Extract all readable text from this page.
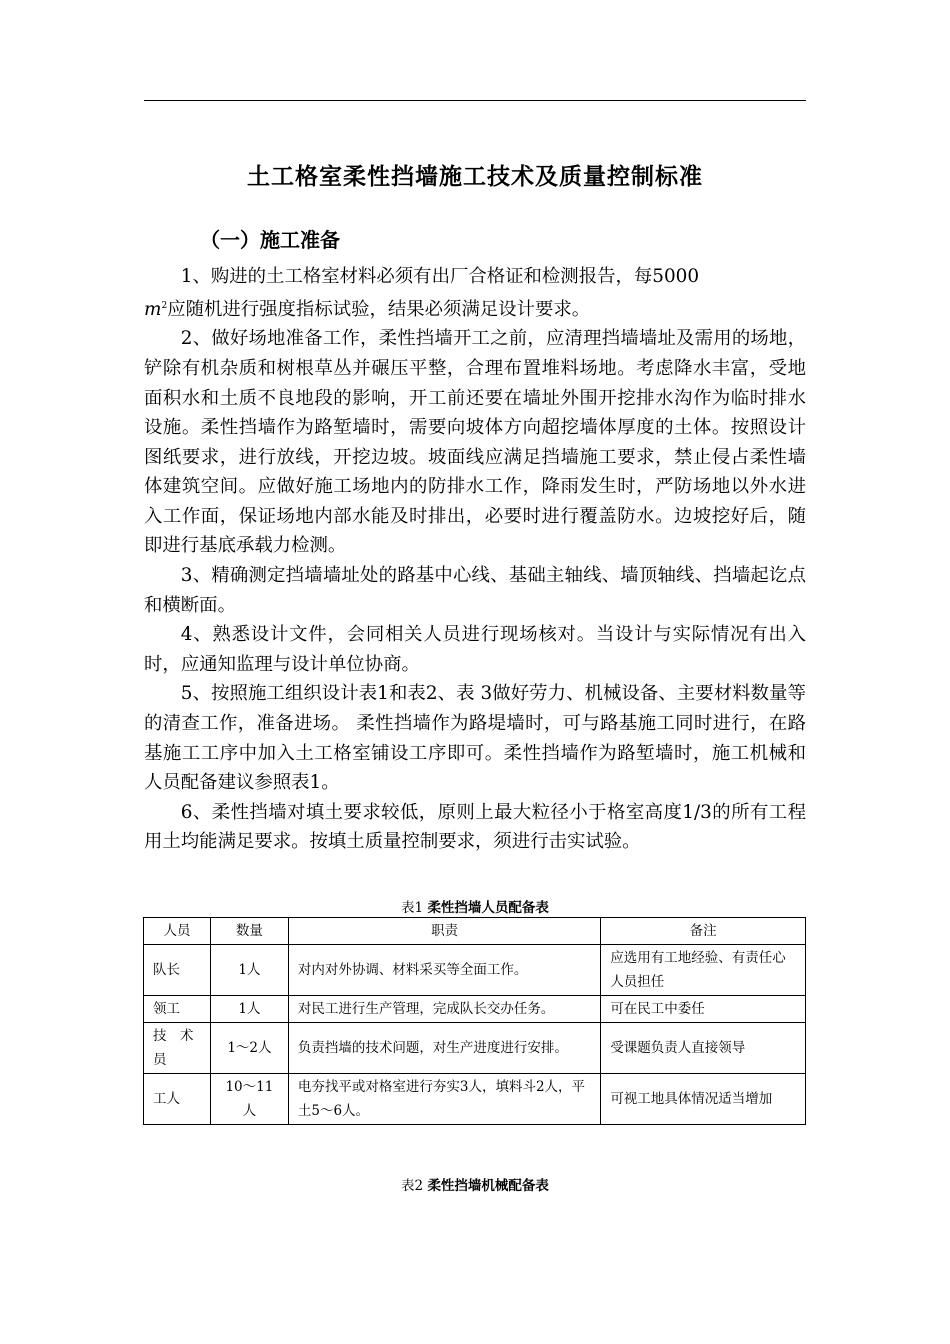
土工格室柔性挡墙施工技术及质量控制标准
（一）施工准备

1、购进的土工格室材料必须有出厂合格证和检测报告，每5000
$m^2$应随机进行强度指标试验，结果必须满足设计要求。

2、做好场地准备工作，柔性挡墙开工之前，应清理挡墙墙址及需用的场地，铲除有机杂质和树根草丛并碾压平整，合理布置堆料场地。考虑降水丰富，受地面积水和土质不良地段的影响，开工前还要在墙址外围开挖排水沟作为临时排水设施。柔性挡墙作为路堑墙时，需要向坡体方向超挖墙体厚度的土体。按照设计图纸要求，进行放线，开挖边坡。坡面线应满足挡墙施工要求，禁止侵占柔性墙体建筑空间。应做好施工场地内的防排水工作，降雨发生时，严防场地以外水进入工作面，保证场地内部水能及时排出，必要时进行覆盖防水。边坡挖好后，随即进行基底承载力检测。

3、精确测定挡墙墙址处的路基中心线、基础主轴线、墙顶轴线、挡墙起讫点和横断面。

4、熟悉设计文件，会同相关人员进行现场核对。当设计与实际情况有出入时，应通知监理与设计单位协商。

5、按照施工组织设计表1和表2、表 3做好劳力、机械设备、主要材料数量等的清查工作，准备进场。 柔性挡墙作为路堤墙时，可与路基施工同时进行，在路基施工工序中加入土工格室铺设工序即可。柔性挡墙作为路堑墙时，施工机械和人员配备建议参照表1。

6、柔性挡墙对填土要求较低，原则上最大粒径小于格室高度1/3的所有工程用土均能满足要求。按填土质量控制要求，须进行击实试验。

表1 柔性挡墙人员配备表
人员	数量	职责	备注
队长	1人	对内对外协调、材料采买等全面工作。	应选用有工地经验、有责任心人员担任
领工	1人	对民工进行生产管理，完成队长交办任务。	可在民工中委任
技　术员	1～2人	负责挡墙的技术问题，对生产进度进行安排。	受课题负责人直接领导
工人	10～11人	电夯找平或对格室进行夯实3人，填料斗2人，平土5～6人。	可视工地具体情况适当增加
表2 柔性挡墙机械配备表
